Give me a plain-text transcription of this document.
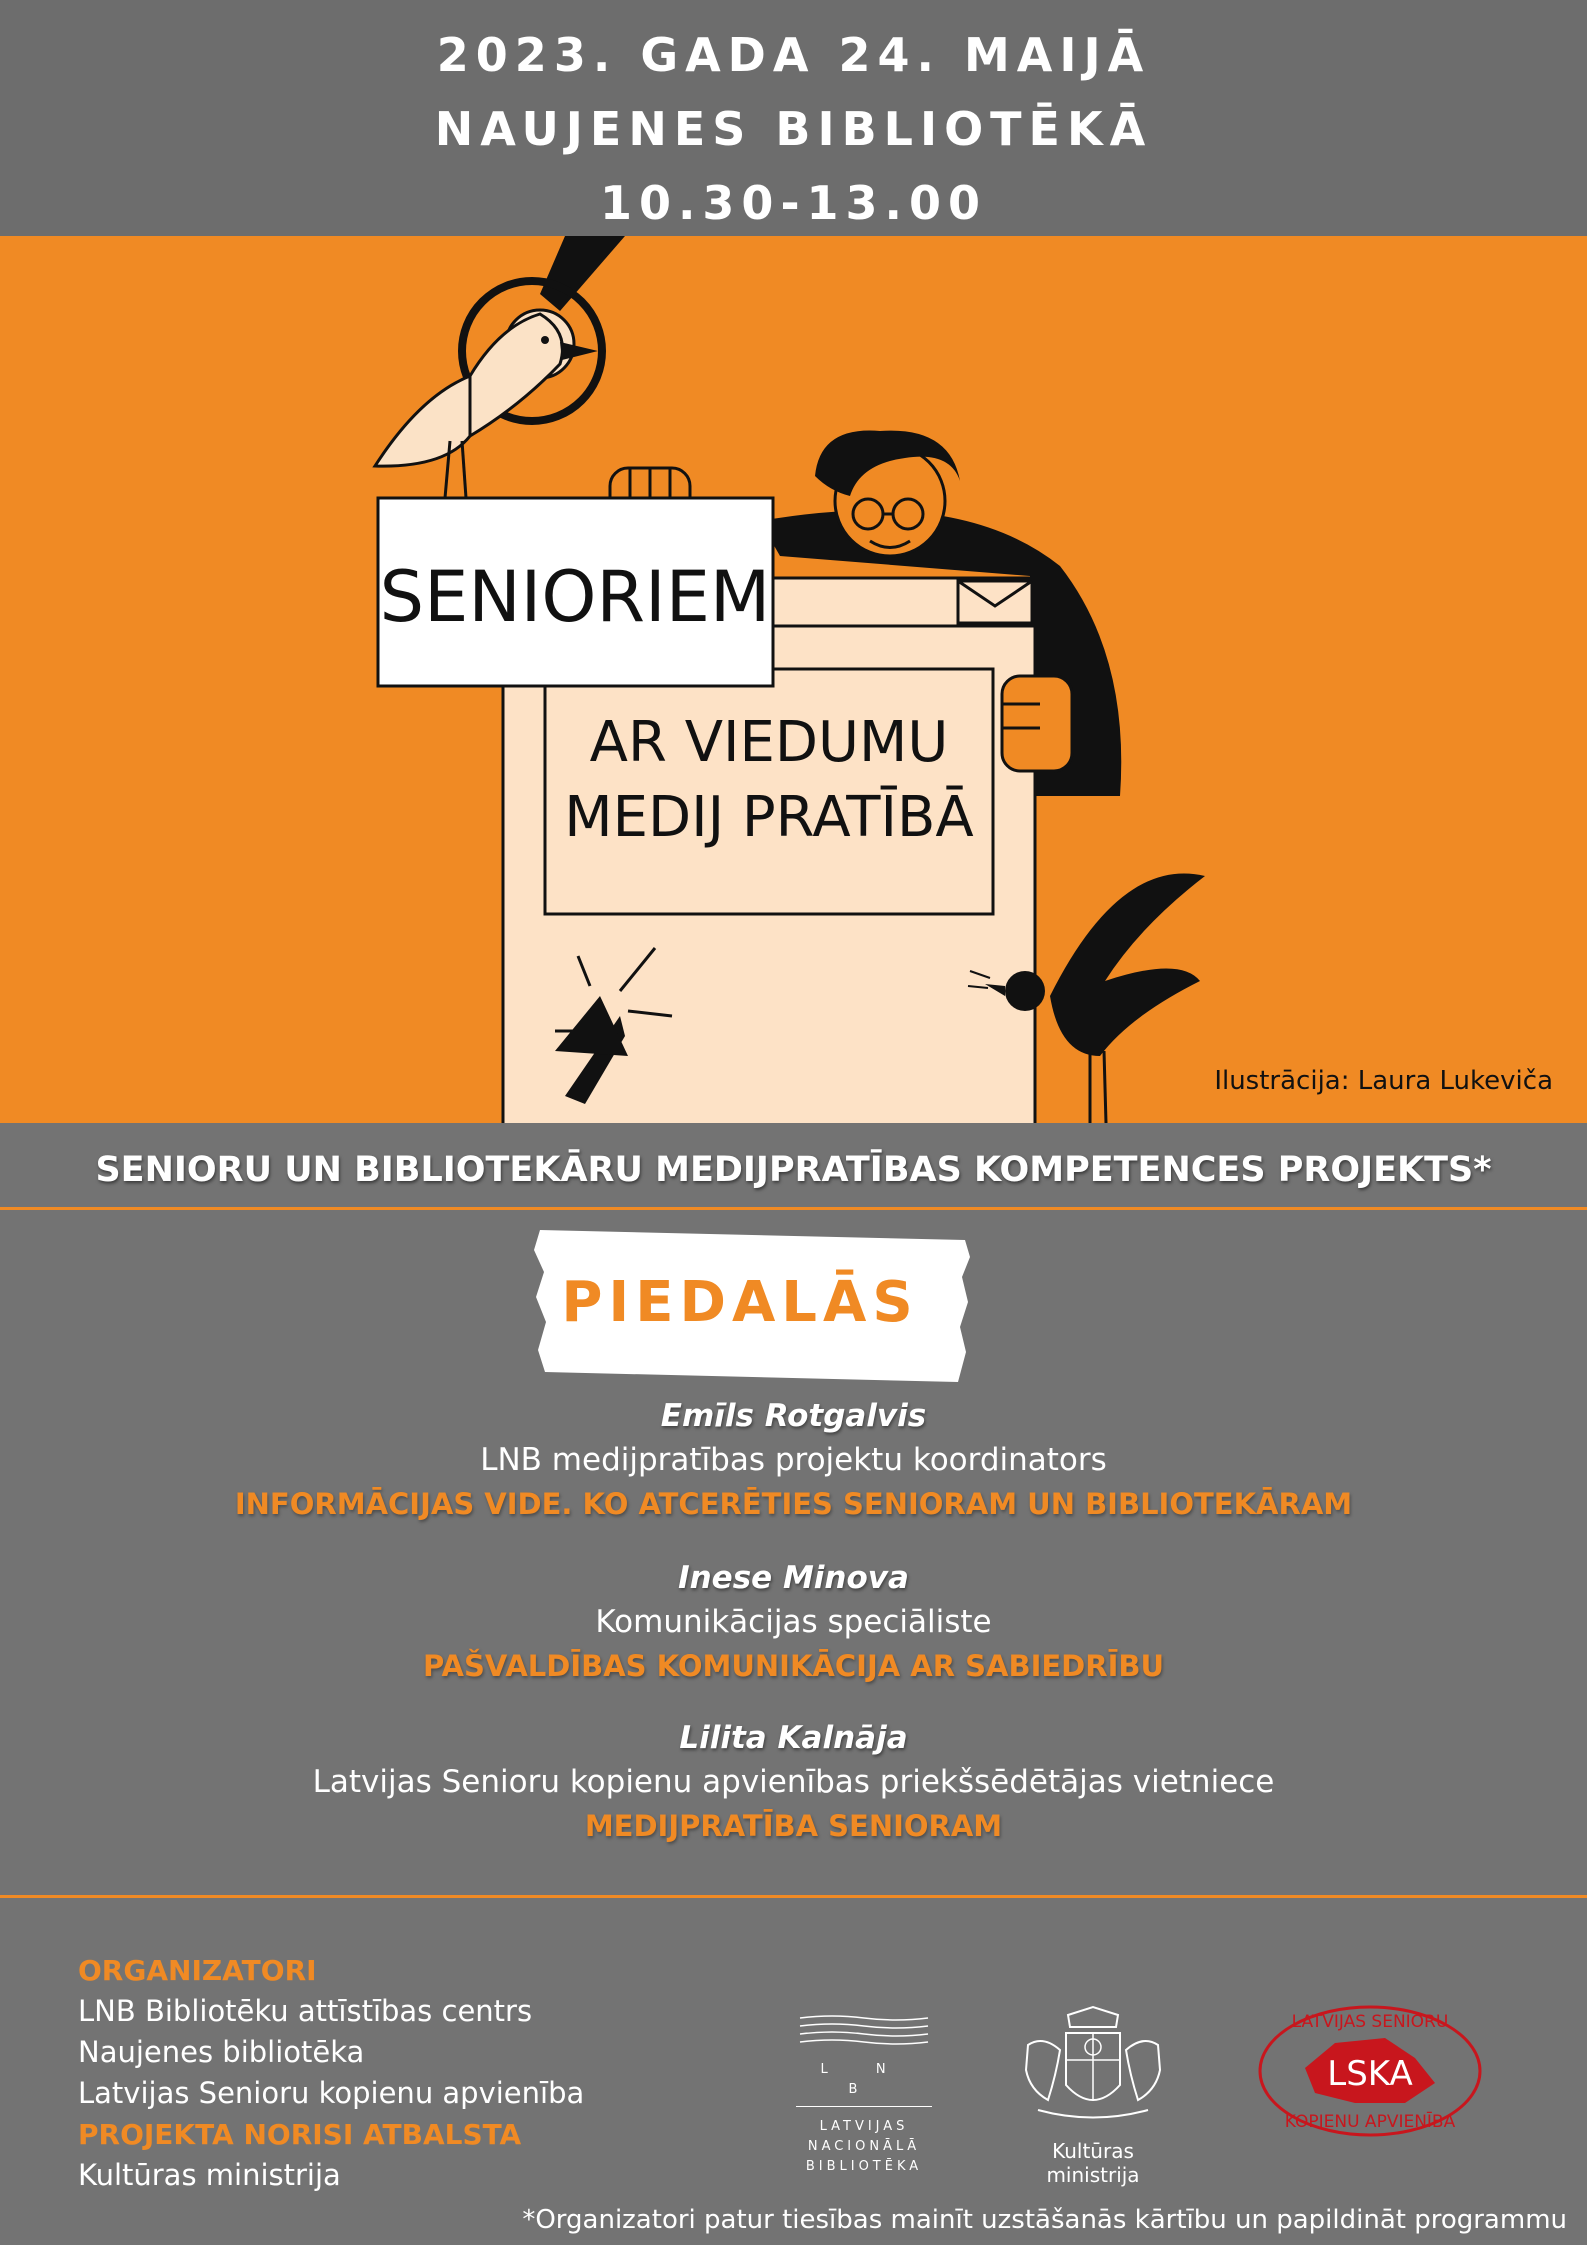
2023. GADA 24. MAIJĀ
NAUJENES BIBLIOTĒKĀ
10.30-13.00
AR VIEDUMU
MEDIJ PRATĪBĀ
SENIORIEM
Ilustrācija: Laura Lukeviča
SENIORU UN BIBLIOTEKĀRU MEDIJPRATĪBAS KOMPETENCES PROJEKTS*
PIEDALĀS
Emīls Rotgalvis
LNB medijpratības projektu koordinators
INFORMĀCIJAS VIDE. KO ATCERĒTIES SENIORAM UN BIBLIOTEKĀRAM
Inese Minova
Komunikācijas speciāliste
PAŠVALDĪBAS KOMUNIKĀCIJA AR SABIEDRĪBU
Lilita Kalnāja
Latvijas Senioru kopienu apvienības priekšsēdētājas vietniece
MEDIJPRATĪBA SENIORAM
ORGANIZATORI
LNB Bibliotēku attīstības centrs
Naujenes bibliotēka
Latvijas Senioru kopienu apvienība
PROJEKTA NORISI ATBALSTA
Kultūras ministrija
L N B
LATVIJAS
NACIONĀLĀ
BIBLIOTĒKA
Kultūras ministrija
LSKA
LATVIJAS SENIORU
KOPIENU APVIENĪBA
*Organizatori patur tiesības mainīt uzstāšanās kārtību un papildināt programmu
